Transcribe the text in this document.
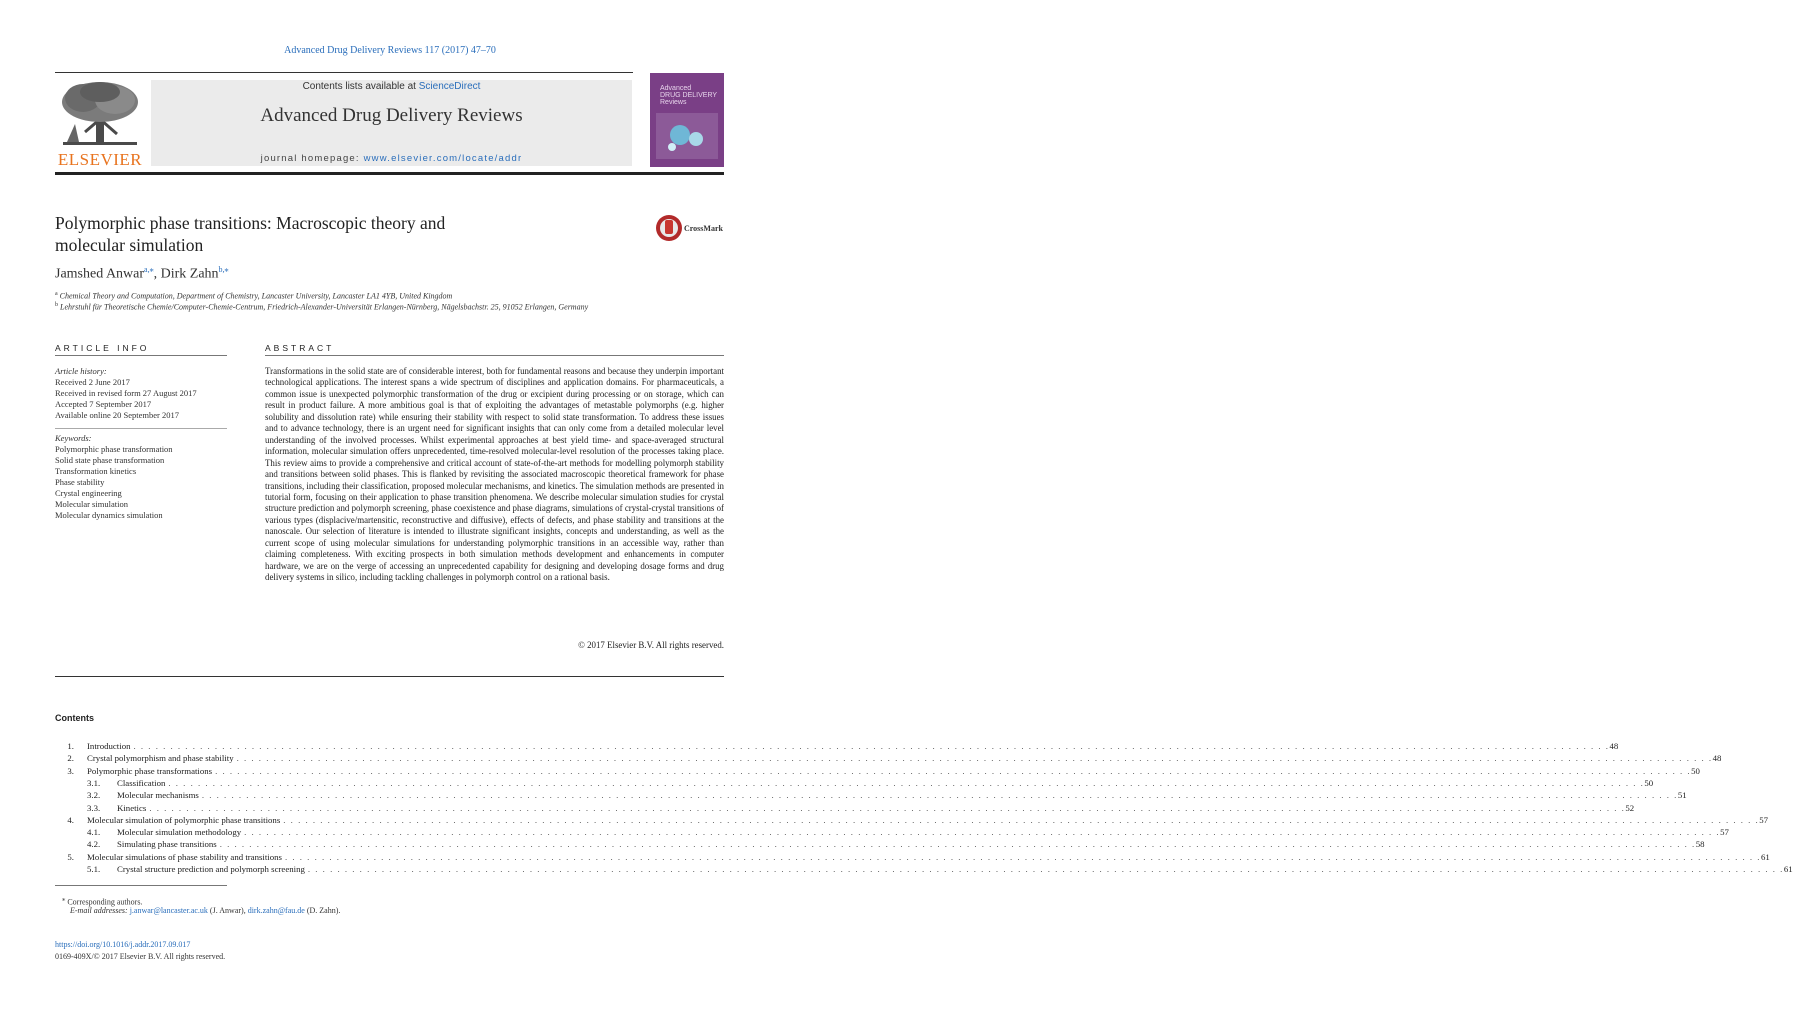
Advanced Drug Delivery Reviews 117 (2017) 47–70
ELSEVIER
Contents lists available at ScienceDirect
Advanced Drug Delivery Reviews
journal homepage: www.elsevier.com/locate/addr
Advanced
DRUG DELIVERY
Reviews
Polymorphic phase transitions: Macroscopic theory and
molecular simulation
CrossMark
Jamshed Anwar$^{a,⁎}$, Dirk Zahn$^{b,⁎}$
$^a$ Chemical Theory and Computation, Department of Chemistry, Lancaster University, Lancaster LA1 4YB, United Kingdom
$^b$ Lehrstuhl für Theoretische Chemie/Computer-Chemie-Centrum, Friedrich-Alexander-Universität Erlangen-Nürnberg, Nägelsbachstr. 25, 91052 Erlangen, Germany
ARTICLE INFO
Article history:
Received 2 June 2017
Received in revised form 27 August 2017
Accepted 7 September 2017
Available online 20 September 2017
Keywords:
Polymorphic phase transformation
Solid state phase transformation
Transformation kinetics
Phase stability
Crystal engineering
Molecular simulation
Molecular dynamics simulation
ABSTRACT
Transformations in the solid state are of considerable interest, both for fundamental reasons and because they underpin important technological applications. The interest spans a wide spectrum of disciplines and application domains. For pharmaceuticals, a common issue is unexpected polymorphic transformation of the drug or excipient during processing or on storage, which can result in product failure. A more ambitious goal is that of exploiting the advantages of metastable polymorphs (e.g. higher solubility and dissolution rate) while ensuring their stability with respect to solid state transformation. To address these issues and to advance technology, there is an urgent need for significant insights that can only come from a detailed molecular level understanding of the involved processes. Whilst experimental approaches at best yield time- and space-averaged structural information, molecular simulation offers unprecedented, time-resolved molecular-level resolution of the processes taking place. This review aims to provide a comprehensive and critical account of state-of-the-art methods for modelling polymorph stability and transitions between solid phases. This is flanked by revisiting the associated macroscopic theoretical framework for phase transitions, including their classification, proposed molecular mechanisms, and kinetics. The simulation methods are presented in tutorial form, focusing on their application to phase transition phenomena. We describe molecular simulation studies for crystal structure prediction and polymorph screening, phase coexistence and phase diagrams, simulations of crystal-crystal transitions of various types (displacive/martensitic, reconstructive and diffusive), effects of defects, and phase stability and transitions at the nanoscale. Our selection of literature is intended to illustrate significant insights, concepts and understanding, as well as the current scope of using molecular simulations for understanding polymorphic transitions in an accessible way, rather than claiming completeness. With exciting prospects in both simulation methods development and enhancements in computer hardware, we are on the verge of accessing an unprecedented capability for designing and developing dosage forms and drug delivery systems in silico, including tackling challenges in polymorph control on a rational basis.
© 2017 Elsevier B.V. All rights reserved.
Contents
1. Introduction . . . . . . . . . . . . . . . . . . . . . . . . . . . . . . . . . . . . . . . . . . . . . . . . . . . . . . . . . . . . . . . . . . . . . . . . . . . . . . . . . . . . . . . . . . . . . . . . . . . . . . . . . . . . . . . . . . . . . . . . . . . . . . . . . . . . . . . . . . . . . . . . . . . . . . . . . . . . . . . . . . . . . . . . . . . . . . . . . . . . . . . . . . . . . . . . . . . . . . . . 48
2. Crystal polymorphism and phase stability . . . . . . . . . . . . . . . . . . . . . . . . . . . . . . . . . . . . . . . . . . . . . . . . . . . . . . . . . . . . . . . . . . . . . . . . . . . . . . . . . . . . . . . . . . . . . . . . . . . . . . . . . . . . . . . . . . . . . . . . . . . . . . . . . . . . . . . . . . . . . . . . . . . . . . . . . . . . . . . . . . . . . . . . . . . . . . . . . . . . . . . . . . . . . . . . . . . . . . . . 48
3. Polymorphic phase transformations . . . . . . . . . . . . . . . . . . . . . . . . . . . . . . . . . . . . . . . . . . . . . . . . . . . . . . . . . . . . . . . . . . . . . . . . . . . . . . . . . . . . . . . . . . . . . . . . . . . . . . . . . . . . . . . . . . . . . . . . . . . . . . . . . . . . . . . . . . . . . . . . . . . . . . . . . . . . . . . . . . . . . . . . . . . . . . . . . . . . . . . . . . . . . . . . . . . . . . . . 50
3.1. Classification . . . . . . . . . . . . . . . . . . . . . . . . . . . . . . . . . . . . . . . . . . . . . . . . . . . . . . . . . . . . . . . . . . . . . . . . . . . . . . . . . . . . . . . . . . . . . . . . . . . . . . . . . . . . . . . . . . . . . . . . . . . . . . . . . . . . . . . . . . . . . . . . . . . . . . . . . . . . . . . . . . . . . . . . . . . . . . . . . . . . . . . . . . . . . . . . . . . . . . . . 50
3.2. Molecular mechanisms . . . . . . . . . . . . . . . . . . . . . . . . . . . . . . . . . . . . . . . . . . . . . . . . . . . . . . . . . . . . . . . . . . . . . . . . . . . . . . . . . . . . . . . . . . . . . . . . . . . . . . . . . . . . . . . . . . . . . . . . . . . . . . . . . . . . . . . . . . . . . . . . . . . . . . . . . . . . . . . . . . . . . . . . . . . . . . . . . . . . . . . . . . . . . . . . . . . . . . . . 51
3.3. Kinetics . . . . . . . . . . . . . . . . . . . . . . . . . . . . . . . . . . . . . . . . . . . . . . . . . . . . . . . . . . . . . . . . . . . . . . . . . . . . . . . . . . . . . . . . . . . . . . . . . . . . . . . . . . . . . . . . . . . . . . . . . . . . . . . . . . . . . . . . . . . . . . . . . . . . . . . . . . . . . . . . . . . . . . . . . . . . . . . . . . . . . . . . . . . . . . . . . . . . . . . . 52
4. Molecular simulation of polymorphic phase transitions . . . . . . . . . . . . . . . . . . . . . . . . . . . . . . . . . . . . . . . . . . . . . . . . . . . . . . . . . . . . . . . . . . . . . . . . . . . . . . . . . . . . . . . . . . . . . . . . . . . . . . . . . . . . . . . . . . . . . . . . . . . . . . . . . . . . . . . . . . . . . . . . . . . . . . . . . . . . . . . . . . . . . . . . . . . . . . . . . . . . . . . . . . . . . . . . . . . . . . . . 57
4.1. Molecular simulation methodology . . . . . . . . . . . . . . . . . . . . . . . . . . . . . . . . . . . . . . . . . . . . . . . . . . . . . . . . . . . . . . . . . . . . . . . . . . . . . . . . . . . . . . . . . . . . . . . . . . . . . . . . . . . . . . . . . . . . . . . . . . . . . . . . . . . . . . . . . . . . . . . . . . . . . . . . . . . . . . . . . . . . . . . . . . . . . . . . . . . . . . . . . . . . . . . . . . . . . . . . 57
4.2. Simulating phase transitions . . . . . . . . . . . . . . . . . . . . . . . . . . . . . . . . . . . . . . . . . . . . . . . . . . . . . . . . . . . . . . . . . . . . . . . . . . . . . . . . . . . . . . . . . . . . . . . . . . . . . . . . . . . . . . . . . . . . . . . . . . . . . . . . . . . . . . . . . . . . . . . . . . . . . . . . . . . . . . . . . . . . . . . . . . . . . . . . . . . . . . . . . . . . . . . . . . . . . . . . 58
5. Molecular simulations of phase stability and transitions . . . . . . . . . . . . . . . . . . . . . . . . . . . . . . . . . . . . . . . . . . . . . . . . . . . . . . . . . . . . . . . . . . . . . . . . . . . . . . . . . . . . . . . . . . . . . . . . . . . . . . . . . . . . . . . . . . . . . . . . . . . . . . . . . . . . . . . . . . . . . . . . . . . . . . . . . . . . . . . . . . . . . . . . . . . . . . . . . . . . . . . . . . . . . . . . . . . . . . . . 61
5.1. Crystal structure prediction and polymorph screening . . . . . . . . . . . . . . . . . . . . . . . . . . . . . . . . . . . . . . . . . . . . . . . . . . . . . . . . . . . . . . . . . . . . . . . . . . . . . . . . . . . . . . . . . . . . . . . . . . . . . . . . . . . . . . . . . . . . . . . . . . . . . . . . . . . . . . . . . . . . . . . . . . . . . . . . . . . . . . . . . . . . . . . . . . . . . . . . . . . . . . . . . . . . . . . . . . . . . . . . 61
⁎ Corresponding authors.
E-mail addresses: j.anwar@lancaster.ac.uk (J. Anwar), dirk.zahn@fau.de (D. Zahn).
https://doi.org/10.1016/j.addr.2017.09.017
0169-409X/© 2017 Elsevier B.V. All rights reserved.
